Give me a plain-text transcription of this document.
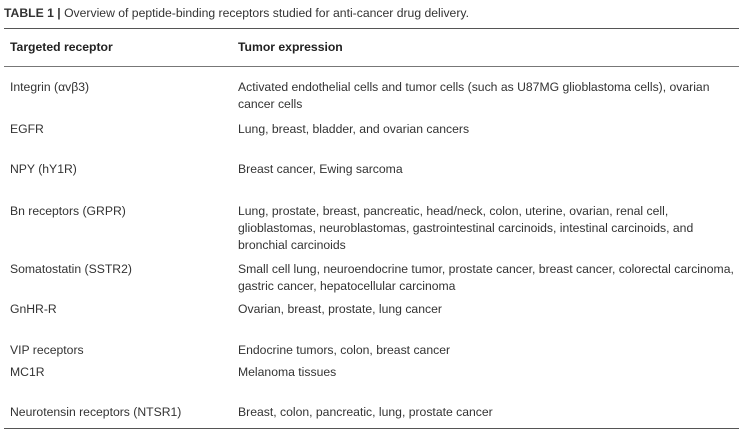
TABLE 1 | Overview of peptide-binding receptors studied for anti-cancer drug delivery.
Targeted receptor	Tumor expression
Integrin (αvβ3)	Activated endothelial cells and tumor cells (such as U87MG glioblastoma cells), ovarian cancer cells
EGFR	Lung, breast, bladder, and ovarian cancers
NPY (hY1R)	Breast cancer, Ewing sarcoma
Bn receptors (GRPR)	Lung, prostate, breast, pancreatic, head/neck, colon, uterine, ovarian, renal cell, glioblastomas, neuroblastomas, gastrointestinal carcinoids, intestinal carcinoids, and bronchial carcinoids
Somatostatin (SSTR2)	Small cell lung, neuroendocrine tumor, prostate cancer, breast cancer, colorectal carcinoma, gastric cancer, hepatocellular carcinoma
GnHR-R	Ovarian, breast, prostate, lung cancer
VIP receptors	Endocrine tumors, colon, breast cancer
MC1R	Melanoma tissues
Neurotensin receptors (NTSR1)	Breast, colon, pancreatic, lung, prostate cancer
